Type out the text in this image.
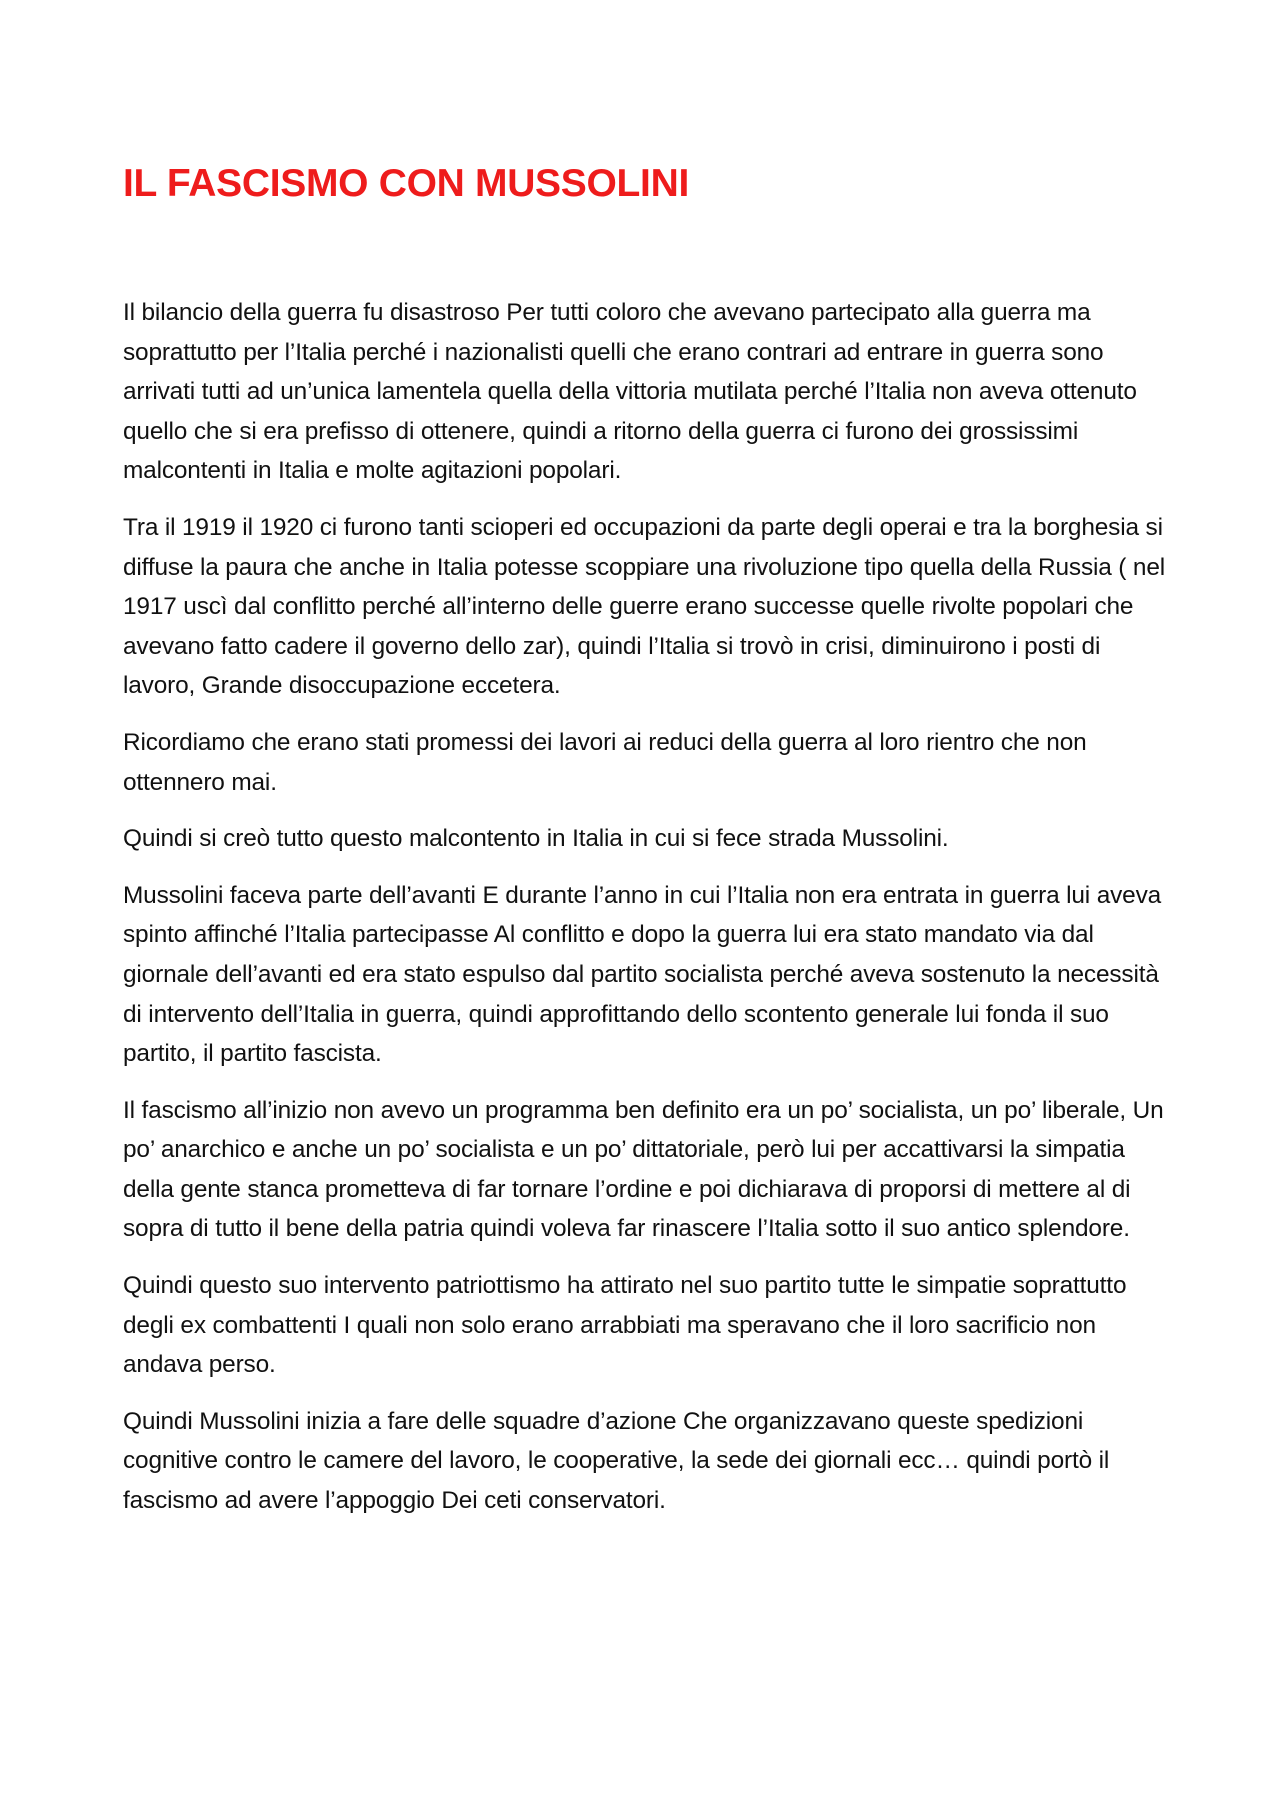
IL FASCISMO CON MUSSOLINI

Il bilancio della guerra fu disastroso Per tutti coloro che avevano partecipato alla guerra ma soprattutto per l’Italia perché i nazionalisti quelli che erano contrari ad entrare in guerra sono arrivati tutti ad un’unica lamentela quella della vittoria mutilata perché l’Italia non aveva ottenuto quello che si era prefisso di ottenere, quindi a ritorno della guerra ci furono dei grossissimi malcontenti in Italia e molte agitazioni popolari.

Tra il 1919 il 1920 ci furono tanti scioperi ed occupazioni da parte degli operai e tra la borghesia si diffuse la paura che anche in Italia potesse scoppiare una rivoluzione tipo quella della Russia ( nel 1917 uscì dal conflitto perché all’interno delle guerre erano successe quelle rivolte popolari che avevano fatto cadere il governo dello zar), quindi l’Italia si trovò in crisi, diminuirono i posti di lavoro, Grande disoccupazione eccetera.

Ricordiamo che erano stati promessi dei lavori ai reduci della guerra al loro rientro che non ottennero mai.

Quindi si creò tutto questo malcontento in Italia in cui si fece strada Mussolini.

Mussolini faceva parte dell’avanti E durante l’anno in cui l’Italia non era entrata in guerra lui aveva spinto affinché l’Italia partecipasse Al conflitto e dopo la guerra lui era stato mandato via dal giornale dell’avanti ed era stato espulso dal partito socialista perché aveva sostenuto la necessità di intervento dell’Italia in guerra, quindi approfittando dello scontento generale lui fonda il suo partito, il partito fascista.

Il fascismo all’inizio non avevo un programma ben definito era un po’ socialista, un po’ liberale, Un po’ anarchico e anche un po’ socialista e un po’ dittatoriale, però lui per accattivarsi la simpatia della gente stanca prometteva di far tornare l’ordine e poi dichiarava di proporsi di mettere al di sopra di tutto il bene della patria quindi voleva far rinascere l’Italia sotto il suo antico splendore.

Quindi questo suo intervento patriottismo ha attirato nel suo partito tutte le simpatie soprattutto degli ex combattenti I quali non solo erano arrabbiati ma speravano che il loro sacrificio non andava perso.

Quindi Mussolini inizia a fare delle squadre d’azione Che organizzavano queste spedizioni cognitive contro le camere del lavoro, le cooperative, la sede dei giornali ecc… quindi portò il fascismo ad avere l’appoggio Dei ceti conservatori.
